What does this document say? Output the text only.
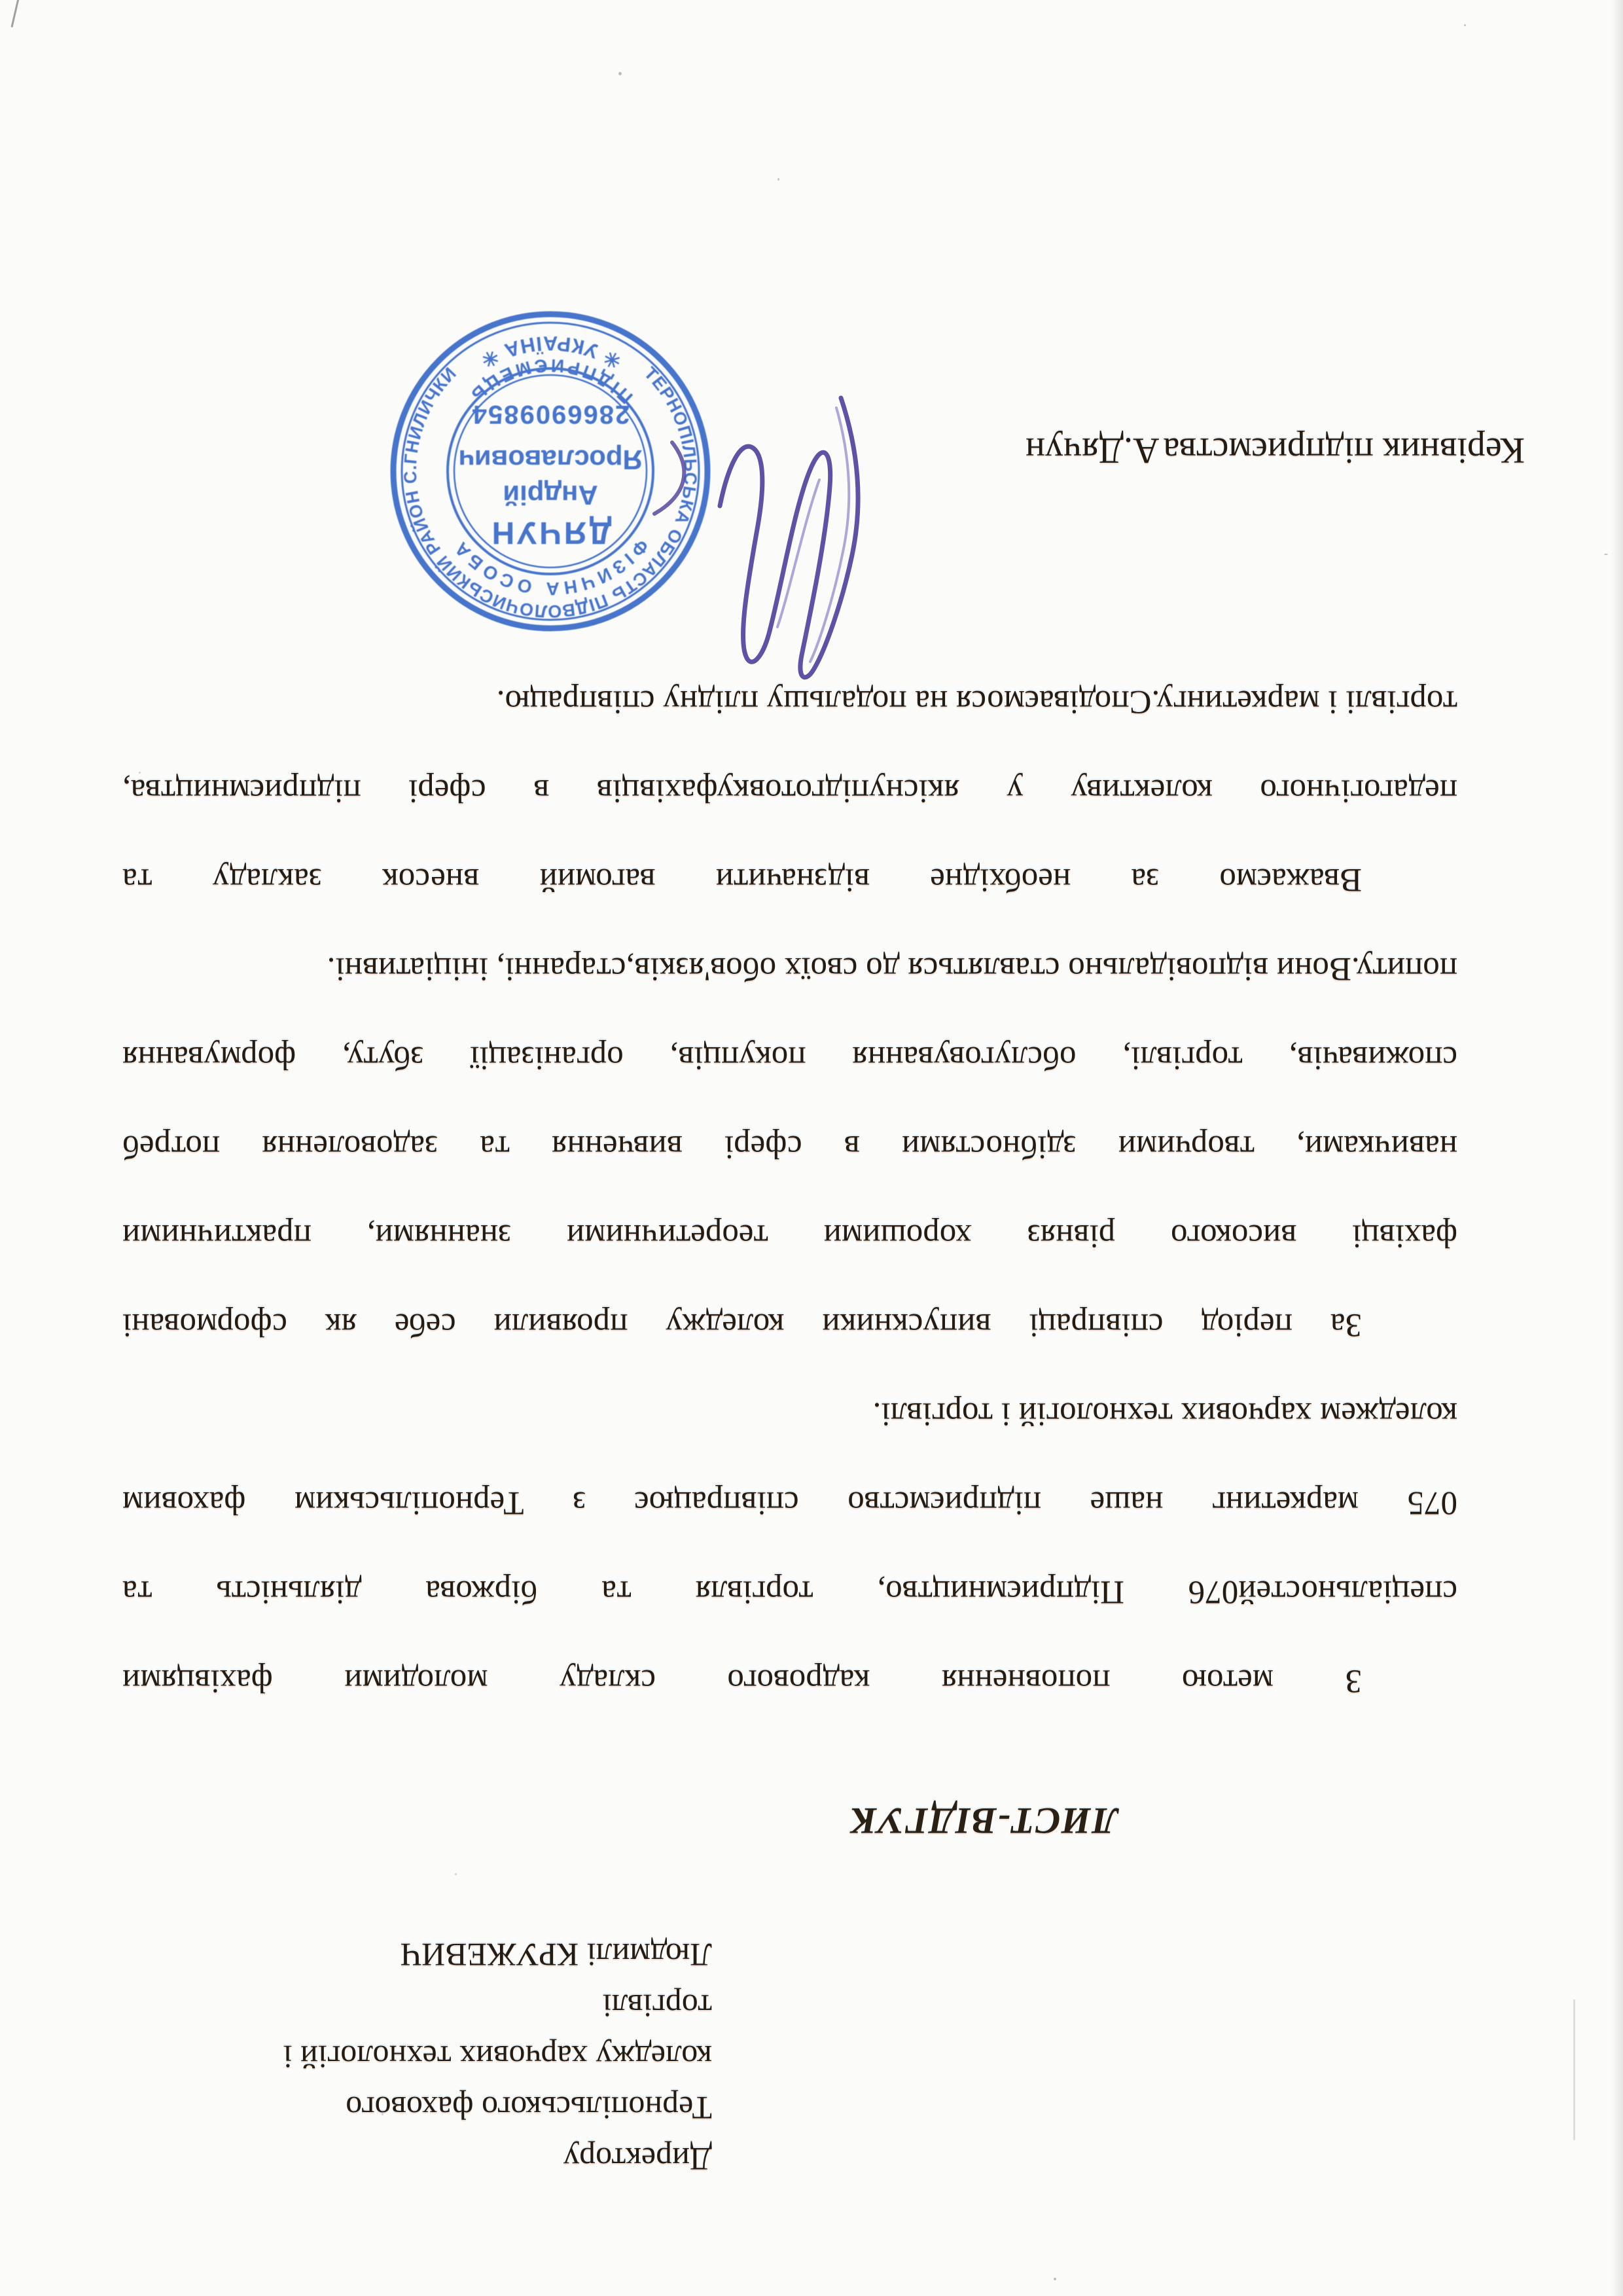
Директору
Тернопільського фахового
коледжу харчових технологій і
торгівлі
Людмилі КРУЖЕВИЧ
ЛИСТ-ВІДГУК
З метою поповнення кадрового складу молодими фахівцями
спеціальностей076 Підприємництво, торгівля та біржова діяльність та
075 маркетинг наше підприємство співпрацює з Тернопільським фаховим
коледжем харчових технологій і торгівлі.
За період співпраці випускники коледжу проявили себе як сформовані
фахівці високого рівняз хорошими теоретичними знаннями, практичними
навичками, творчими здібностями в сфері вивчення та задоволення потреб
споживачів, торгівлі, обслуговування покупців, організації збуту, формування
попиту.Вони відповідально ставляться до своїх обов'язків,старанні, ініціативні.
Вважаємо за необхідне відзначити вагомий внесок закладу та
педагогічного колективу у якіснупідготовкуфахівців в сфері підприємництва,
торгівлі і маркетингу.Сподіваємося на подальшу плідну співпрацю.
Керівник підприємстваА.Дячун
ТЕРНОПІЛЬСЬКА ОБЛАСТЬ ПІДВОЛОЧИСЬКИЙ РАЙОН С.ГНИЛИЧКИ
✳ УКРАЇНА ✳
ФІЗИЧНА ОСОБА
ПІДПРИЄМЕЦЬ
ДЯЧУН
Андрій
Ярославович
2866909854
